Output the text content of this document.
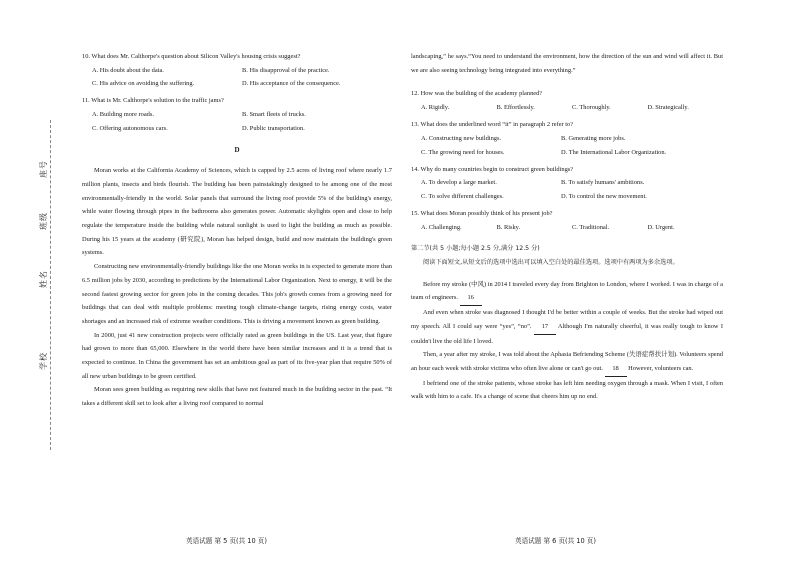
学校
姓名
班级
座号
10. What does Mr. Calthorpe's question about Silicon Valley's housing crisis suggest?
A. His doubt about the data.	B. His disapproval of the practice.
C. His advice on avoiding the suffering.	D. His acceptance of the consequence.
11. What is Mr. Calthorpe's solution to the traffic jams?
A. Building more roads.	B. Smart fleets of trucks.
C. Offering autonomous cars.	D. Public transportation.
D

Moran works at the California Academy of Sciences, which is capped by 2.5 acres of living roof where nearly 1.7 million plants, insects and birds flourish. The building has been painstakingly designed to be among one of the most environmentally-friendly in the world. Solar panels that surround the living roof provide 5% of the building's energy, while water flowing through pipes in the bathrooms also generates power. Automatic skylights open and close to help regulate the temperature inside the building while natural sunlight is used to light the building as much as possible. During his 15 years at the academy (研究院), Moran has helped design, build and now maintain the building's green systems.

Constructing new environmentally-friendly buildings like the one Moran works in is expected to generate more than 6.5 million jobs by 2030, according to predictions by the International Labor Organization. Next to energy, it will be the second fastest growing sector for green jobs in the coming decades. This job's growth comes from a growing need for buildings that can deal with multiple problems: meeting tough climate-change targets, rising energy costs, water shortages and an increased risk of extreme weather conditions. This is driving a movement known as green building.

In 2000, just 41 new construction projects were officially rated as green buildings in the US. Last year, that figure had grown to more than 65,000. Elsewhere in the world there have been similar increases and it is a trend that is expected to continue. In China the government has set an ambitious goal as part of its five-year plan that require 50% of all new urban buildings to be green certified.

Moran sees green building as requiring new skills that have not featured much in the building sector in the past. “It takes a different skill set to look after a living roof compared to normal

landscaping,” he says.“You need to understand the environment, how the direction of the sun and wind will affect it. But we are also seeing technology being integrated into everything.”

12. How was the building of the academy planned?
A. Rigidly.	B. Effortlessly.	C. Thoroughly.	D. Strategically.
13. What does the underlined word “it” in paragraph 2 refer to?
A. Constructing new buildings.	B. Generating more jobs.
C. The growing need for houses.	D. The International Labor Organization.
14. Why do many countries begin to construct green buildings?
A. To develop a large market.	B. To satisfy humans' ambitions.
C. To solve different challenges.	D. To control the new movement.
15. What does Moran possibly think of his present job?
A. Challenging.	B. Risky.	C. Traditional.	D. Urgent.
第二节(共 5 小题;每小题 2.5 分,满分 12.5 分)

阅读下面短文,从短文后的选项中选出可以填入空白处的最佳选项。选项中有两项为多余选项。

Before my stroke (中风) in 2014 I traveled every day from Brighton to London, where I worked. I was in charge of a team of engineers. 16

And even when stroke was diagnosed I thought I'd be better within a couple of weeks. But the stroke had wiped out my speech. All I could say were “yes”, “no”. 17 Although I'm naturally cheerful, it was really tough to know I couldn't live the old life I loved.

Then, a year after my stroke, I was told about the Aphasia Befriending Scheme (失语症帮扶计划). Volunteers spend an hour each week with stroke victims who often live alone or can't go out. 18 However, volunteers can.

I befriend one of the stroke patients, whose stroke has left him needing oxygen through a mask. When I visit, I often walk with him to a cafe. It's a change of scene that cheers him up no end.

英语试题 第 5 页(共 10 页)	英语试题 第 6 页(共 10 页)
